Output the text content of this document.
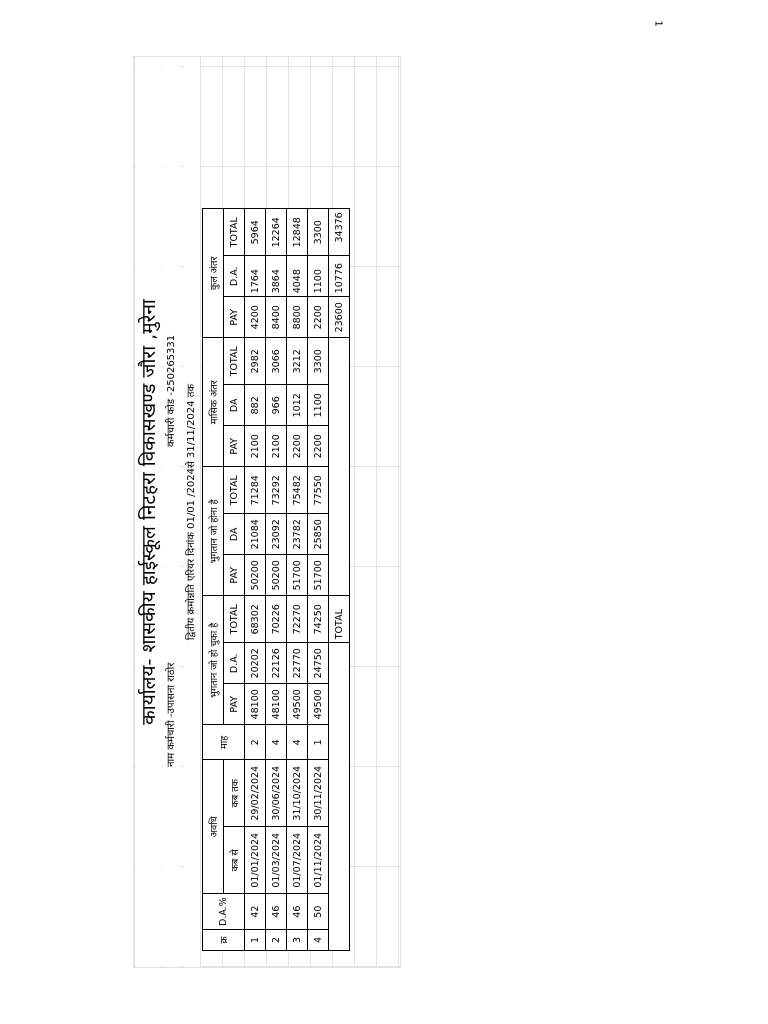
1
कार्यालय- शासकीय हाईस्कूल निटहरा विकासखण्ड जौरा ,मुरेना नाम कर्मचारी -उपासना राठोर
कर्मचारी कोड -250265331 द्वितीय क्रमोन्नति एरियर दिनांक 01/01 /2024से 31/11/2024 तक
क्र	D.A.%	अवधि		माह	भुगतान जो हो चुका है			भुगतान जो होना है			मासिक अंतर			कुल अंतर		
		कब से	कब तक		PAY	D.A.	TOTAL	PAY	DA	TOTAL	PAY	DA	TOTAL	PAY	D.A.	TOTAL
1	42	01/01/2024	29/02/2024	2	48100	20202	68302	50200	21084	71284	2100	882	2982	4200	1764	5964
2	46	01/03/2024	30/06/2024	4	48100	22126	70226	50200	23092	73292	2100	966	3066	8400	3864	12264
3	46	01/07/2024	31/10/2024	4	49500	22770	72270	51700	23782	75482	2200	1012	3212	8800	4048	12848
4	50	01/11/2024	30/11/2024	1	49500	24750	74250	51700	25850	77550	2200	1100	3300	2200	1100	3300
							TOTAL							23600	10776	34376
